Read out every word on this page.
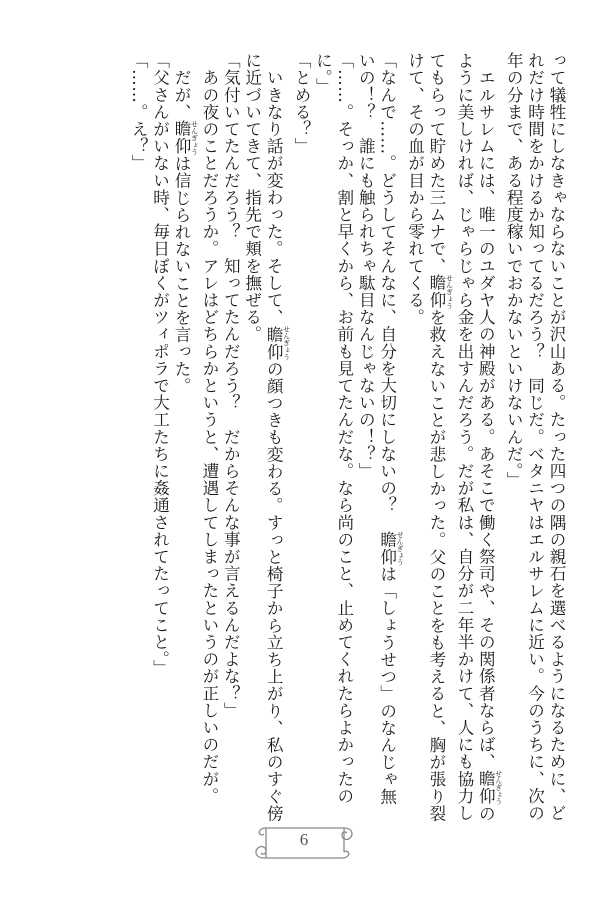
って犠牲にしなきゃならないことが沢山ある。たった四つの隅の親石を選べるようになるために、ど
れだけ時間をかけるか知ってるだろう？　同じだ。ベタニヤはエルサレムに近い。今のうちに、次の
年の分まで、ある程度稼いでおかないといけないんだ。」
　エルサレムには、唯一のユダヤ人の神殿がある。あそこで働く祭司や、その関係者ならば、瞻仰 せんぎょうの
ように美しければ、じゃらじゃら金を出すんだろう。だが私は、自分が二年半かけて、人にも協力し
てもらって貯めた三ムナで、瞻仰 せんぎょうを救えないことが悲しかった。父のことをも考えると、胸が張り裂
けて、その血が目から零れてくる。
「なんで……。どうしてそんなに、自分を大切にしないの？　瞻仰 せんぎょうは「しょうせつ」のなんじゃ無
いの！？　誰にも触られちゃ駄目なんじゃないの！？」
「……。そっか、割と早くから、お前も見てたんだな。なら尚のこと、止めてくれたらよかったの
に。」
「とめる？」
　いきなり話が変わった。そして、瞻仰 せんぎょうの顔つきも変わる。すっと椅子から立ち上がり、私のすぐ傍
に近づいてきて、指先で頬を撫ぜる。
「気付いてたんだろう？　知ってたんだろう？　だからそんな事が言えるんだよな？」
　あの夜のことだろうか。アレはどちらかというと、遭遇してしまったというのが正しいのだが。
　だが、瞻仰 せんぎょうは信じられないことを言った。
「父さんがいない時、毎日ぼくがツィポラで大工たちに姦通されてたってこと。」
「……。え？」
6
